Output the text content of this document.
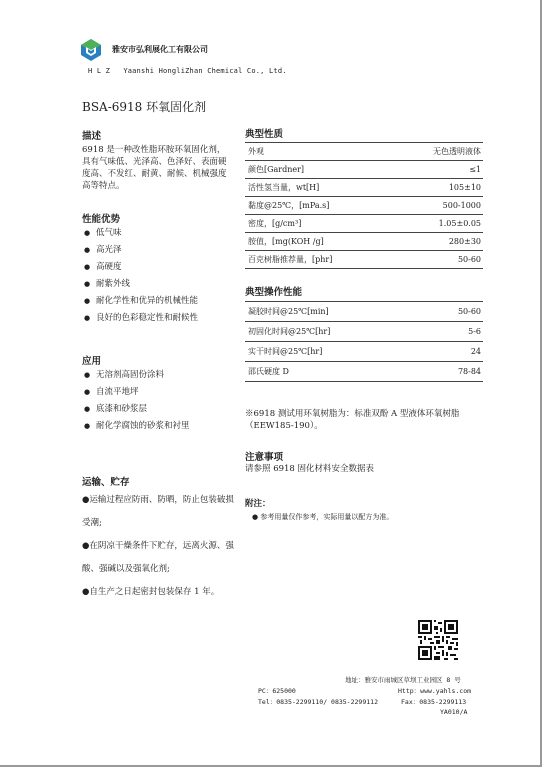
雅安市弘利展化工有限公司
H L Z   Yaanshi HongliZhan Chemical Co., Ltd.
BSA-6918 环氧固化剂
描述
6918 是一种改性脂环胺环氧固化剂，具有气味低、光泽高、色泽好、表面硬度高、不发红、耐黄、耐候、机械强度高等特点。
性能优势
● 低气味
● 高光泽
● 高硬度
● 耐紫外线
● 耐化学性和优异的机械性能
● 良好的色彩稳定性和耐候性
应用
● 无溶剂高固份涂料
● 自流平地坪
● 底漆和砂浆层
● 耐化学腐蚀的砂浆和衬里
运输、贮存

●运输过程应防雨、防晒，防止包装破损受潮;

●在阴凉干燥条件下贮存，远离火源、强酸、强碱以及强氧化剂;

●自生产之日起密封包装保存 1 年。

典型性质
外观	无色透明液体
颜色[Gardner]	≤1
活性氢当量，wt[H]	105±10
黏度@25℃，[mPa.s]	500-1000
密度，[g/cm³]	1.05±0.05
胺值，[mg(KOH /g]	280±30
百克树脂推荐量，[phr]	50-60
典型操作性能
凝胶时间@25℃[min]	50-60
初固化时间@25℃[hr]	5-6
实干时间@25℃[hr]	24
邵氏硬度 D	78-84
※6918 测试用环氧树脂为：标准双酚 A 型液体环氧树脂（EEW185-190）。
注意事项
请参照 6918 固化材料安全数据表
附注：
● 参考用量仅作参考，实际用量以配方为准。
地址：雅安市雨城区草坝工业园区 8 号
PC：625000	Http：www.yahls.com
Tel：0835-2299110/ 0835-2299112	Fax：0835-2299113
YA010/A
